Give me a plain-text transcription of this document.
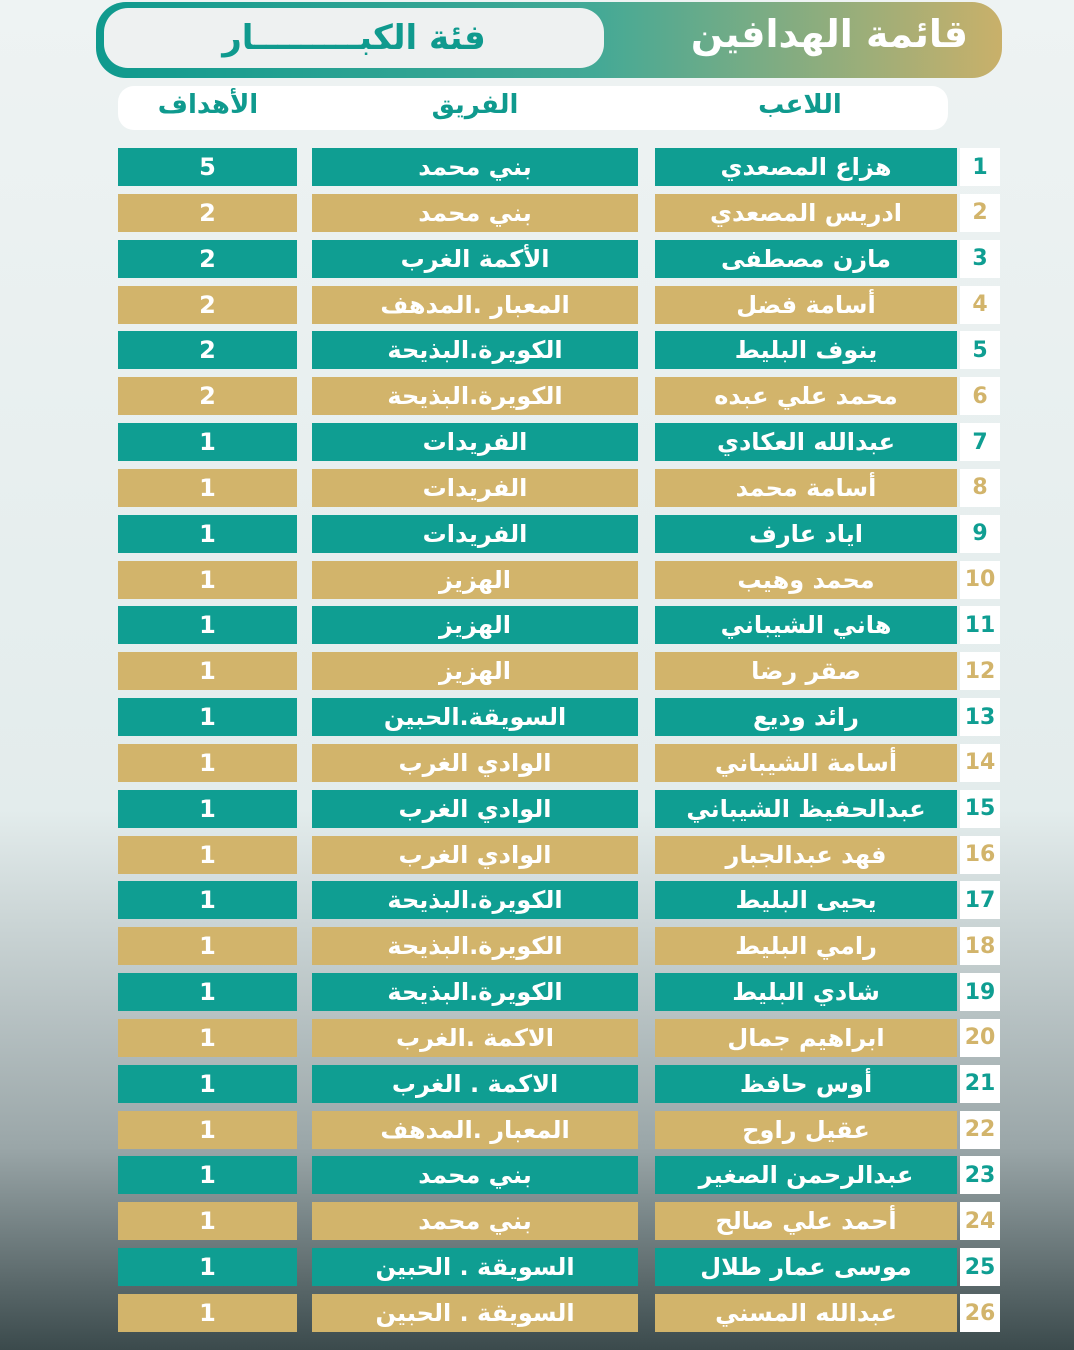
قائمة الهدافين
فئة الكبـــــــــار
اللاعب
الفريق
الأهداف
1
هزاع المصعدي
بني محمد
5
2
ادريس المصعدي
بني محمد
2
3
مازن مصطفى
الأكمة الغرب
2
4
أسامة فضل
المعبار .المدهف
2
5
ينوف البليط
الكويرة.البذيحة
2
6
محمد علي عبده
الكويرة.البذيحة
2
7
عبدالله العكادي
الفريدات
1
8
أسامة محمد
الفريدات
1
9
اياد عارف
الفريدات
1
10
محمد وهيب
الهزيز
1
11
هاني الشيباني
الهزيز
1
12
صقر رضا
الهزيز
1
13
رائد وديع
السويقة.الحبين
1
14
أسامة الشيباني
الوادي الغرب
1
15
عبدالحفيظ الشيباني
الوادي الغرب
1
16
فهد عبدالجبار
الوادي الغرب
1
17
يحيى البليط
الكويرة.البذيحة
1
18
رامي البليط
الكويرة.البذيحة
1
19
شادي البليط
الكويرة.البذيحة
1
20
ابراهيم جمال
الاكمة .الغرب
1
21
أوس حافظ
الاكمة . الغرب
1
22
عقيل راوح
المعبار .المدهف
1
23
عبدالرحمن الصغير
بني محمد
1
24
أحمد علي صالح
بني محمد
1
25
موسى عمار طلال
السويقة . الحبين
1
26
عبدالله المسني
السويقة . الحبين
1
